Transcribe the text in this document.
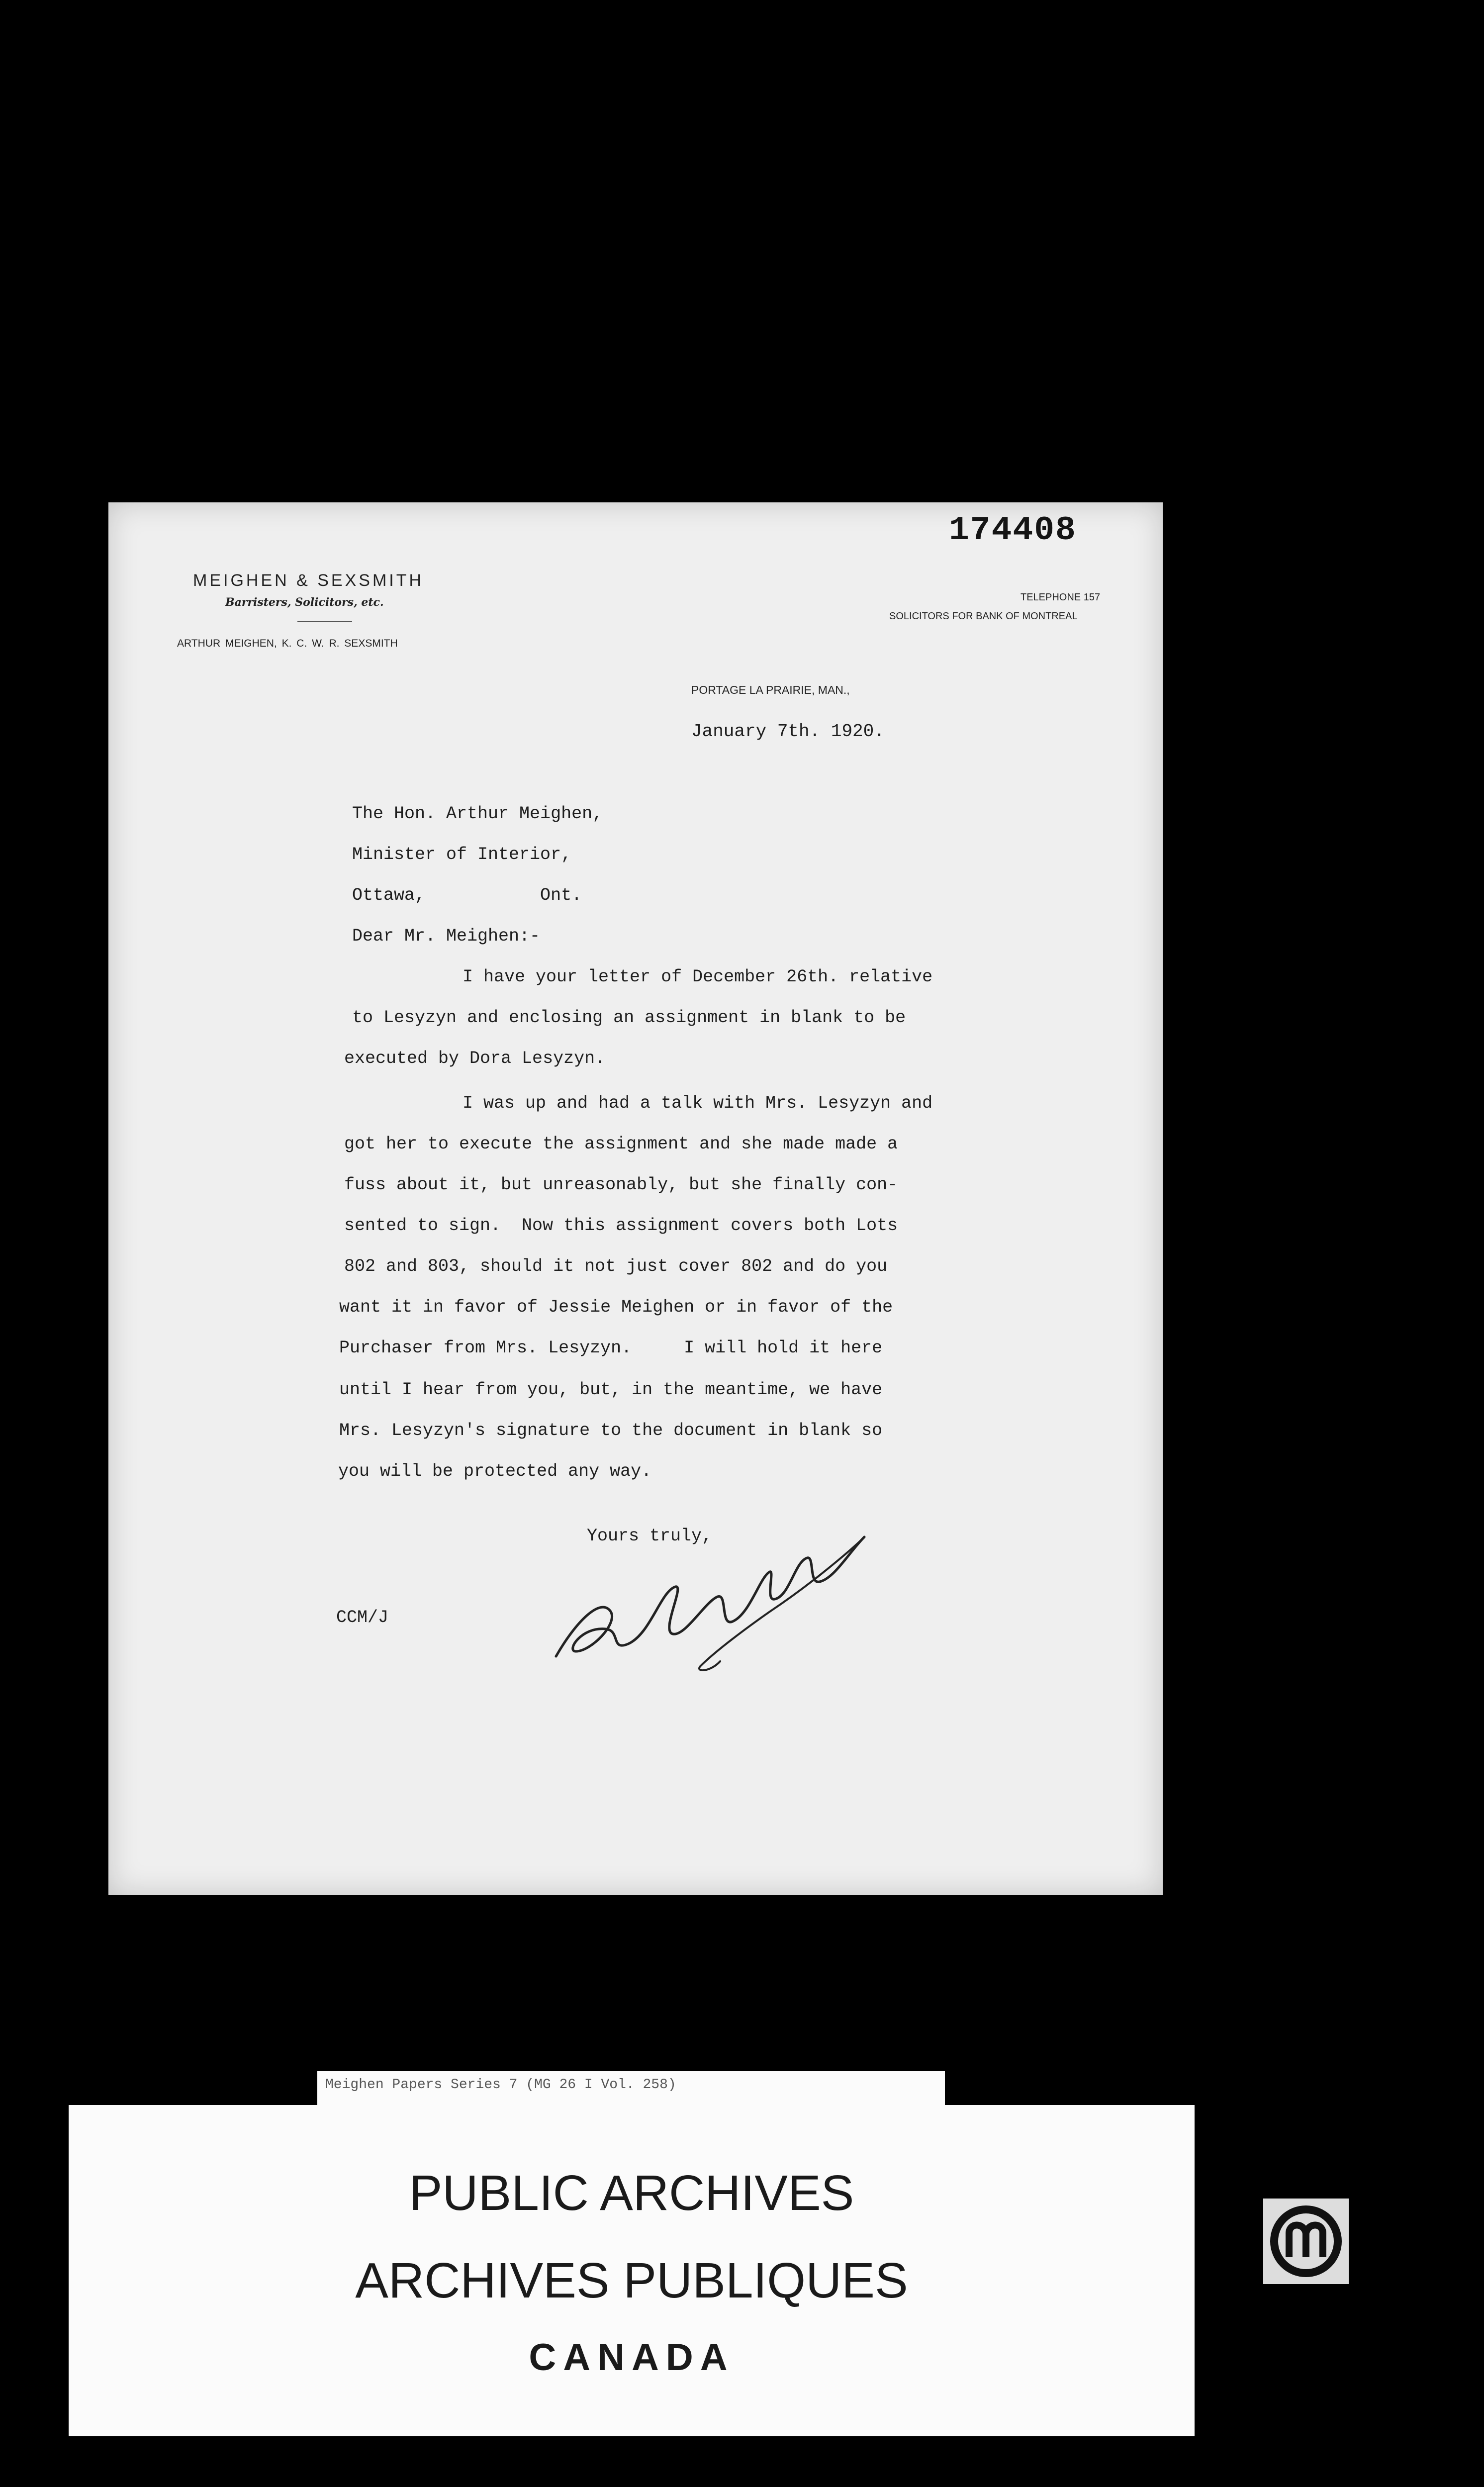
174408
MEIGHEN & SEXSMITH
Barristers, Solicitors, etc.
ARTHUR MEIGHEN, K. C. W. R. SEXSMITH
TELEPHONE 157
SOLICITORS FOR BANK OF MONTREAL
PORTAGE LA PRAIRIE, MAN.,
January 7th. 1920.
The Hon. Arthur Meighen,
Minister of Interior,
Ottawa,           Ont.
Dear Mr. Meighen:-
I have your letter of December 26th. relative
to Lesyzyn and enclosing an assignment in blank to be
executed by Dora Lesyzyn.
I was up and had a talk with Mrs. Lesyzyn and
got her to execute the assignment and she made made a
fuss about it, but unreasonably, but she finally con-
sented to sign.  Now this assignment covers both Lots
802 and 803, should it not just cover 802 and do you
want it in favor of Jessie Meighen or in favor of the
Purchaser from Mrs. Lesyzyn.     I will hold it here
until I hear from you, but, in the meantime, we have
Mrs. Lesyzyn's signature to the document in blank so
you will be protected any way.
Yours truly,
CCM/J
Meighen Papers Series 7 (MG 26 I Vol. 258)
PUBLIC ARCHIVES
ARCHIVES PUBLIQUES
CANADA
